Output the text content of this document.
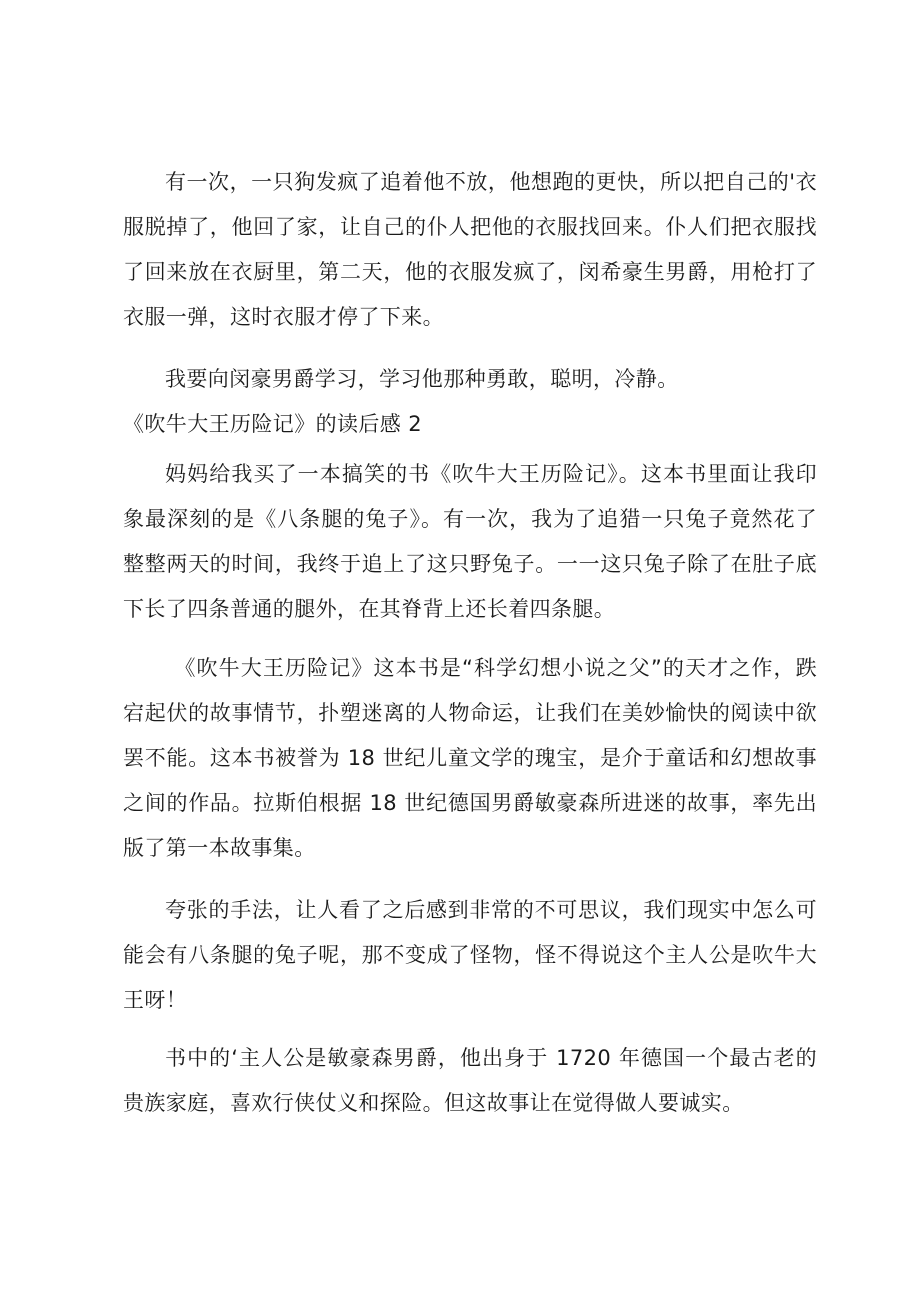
有一次，一只狗发疯了追着他不放，他想跑的更快，所以把自己的'衣服脱掉了，他回了家，让自己的仆人把他的衣服找回来。仆人们把衣服找了回来放在衣厨里，第二天，他的衣服发疯了，闵希豪生男爵，用枪打了衣服一弹，这时衣服才停了下来。

我要向闵豪男爵学习，学习他那种勇敢，聪明，冷静。

《吹牛大王历险记》的读后感 2

妈妈给我买了一本搞笑的书《吹牛大王历险记》。这本书里面让我印象最深刻的是《八条腿的兔子》。有一次，我为了追猎一只兔子竟然花了整整两天的时间，我终于追上了这只野兔子。一一这只兔子除了在肚子底下长了四条普通的腿外，在其脊背上还长着四条腿。

《吹牛大王历险记》这本书是“科学幻想小说之父”的天才之作，跌宕起伏的故事情节，扑塑迷离的人物命运，让我们在美妙愉快的阅读中欲罢不能。这本书被誉为 18 世纪儿童文学的瑰宝，是介于童话和幻想故事之间的作品。拉斯伯根据 18 世纪德国男爵敏豪森所进迷的故事，率先出版了第一本故事集。

夸张的手法，让人看了之后感到非常的不可思议，我们现实中怎么可能会有八条腿的兔子呢，那不变成了怪物，怪不得说这个主人公是吹牛大王呀！

书中的‘主人公是敏豪森男爵，他出身于 1720 年德国一个最古老的贵族家庭，喜欢行侠仗义和探险。但这故事让在觉得做人要诚实。
